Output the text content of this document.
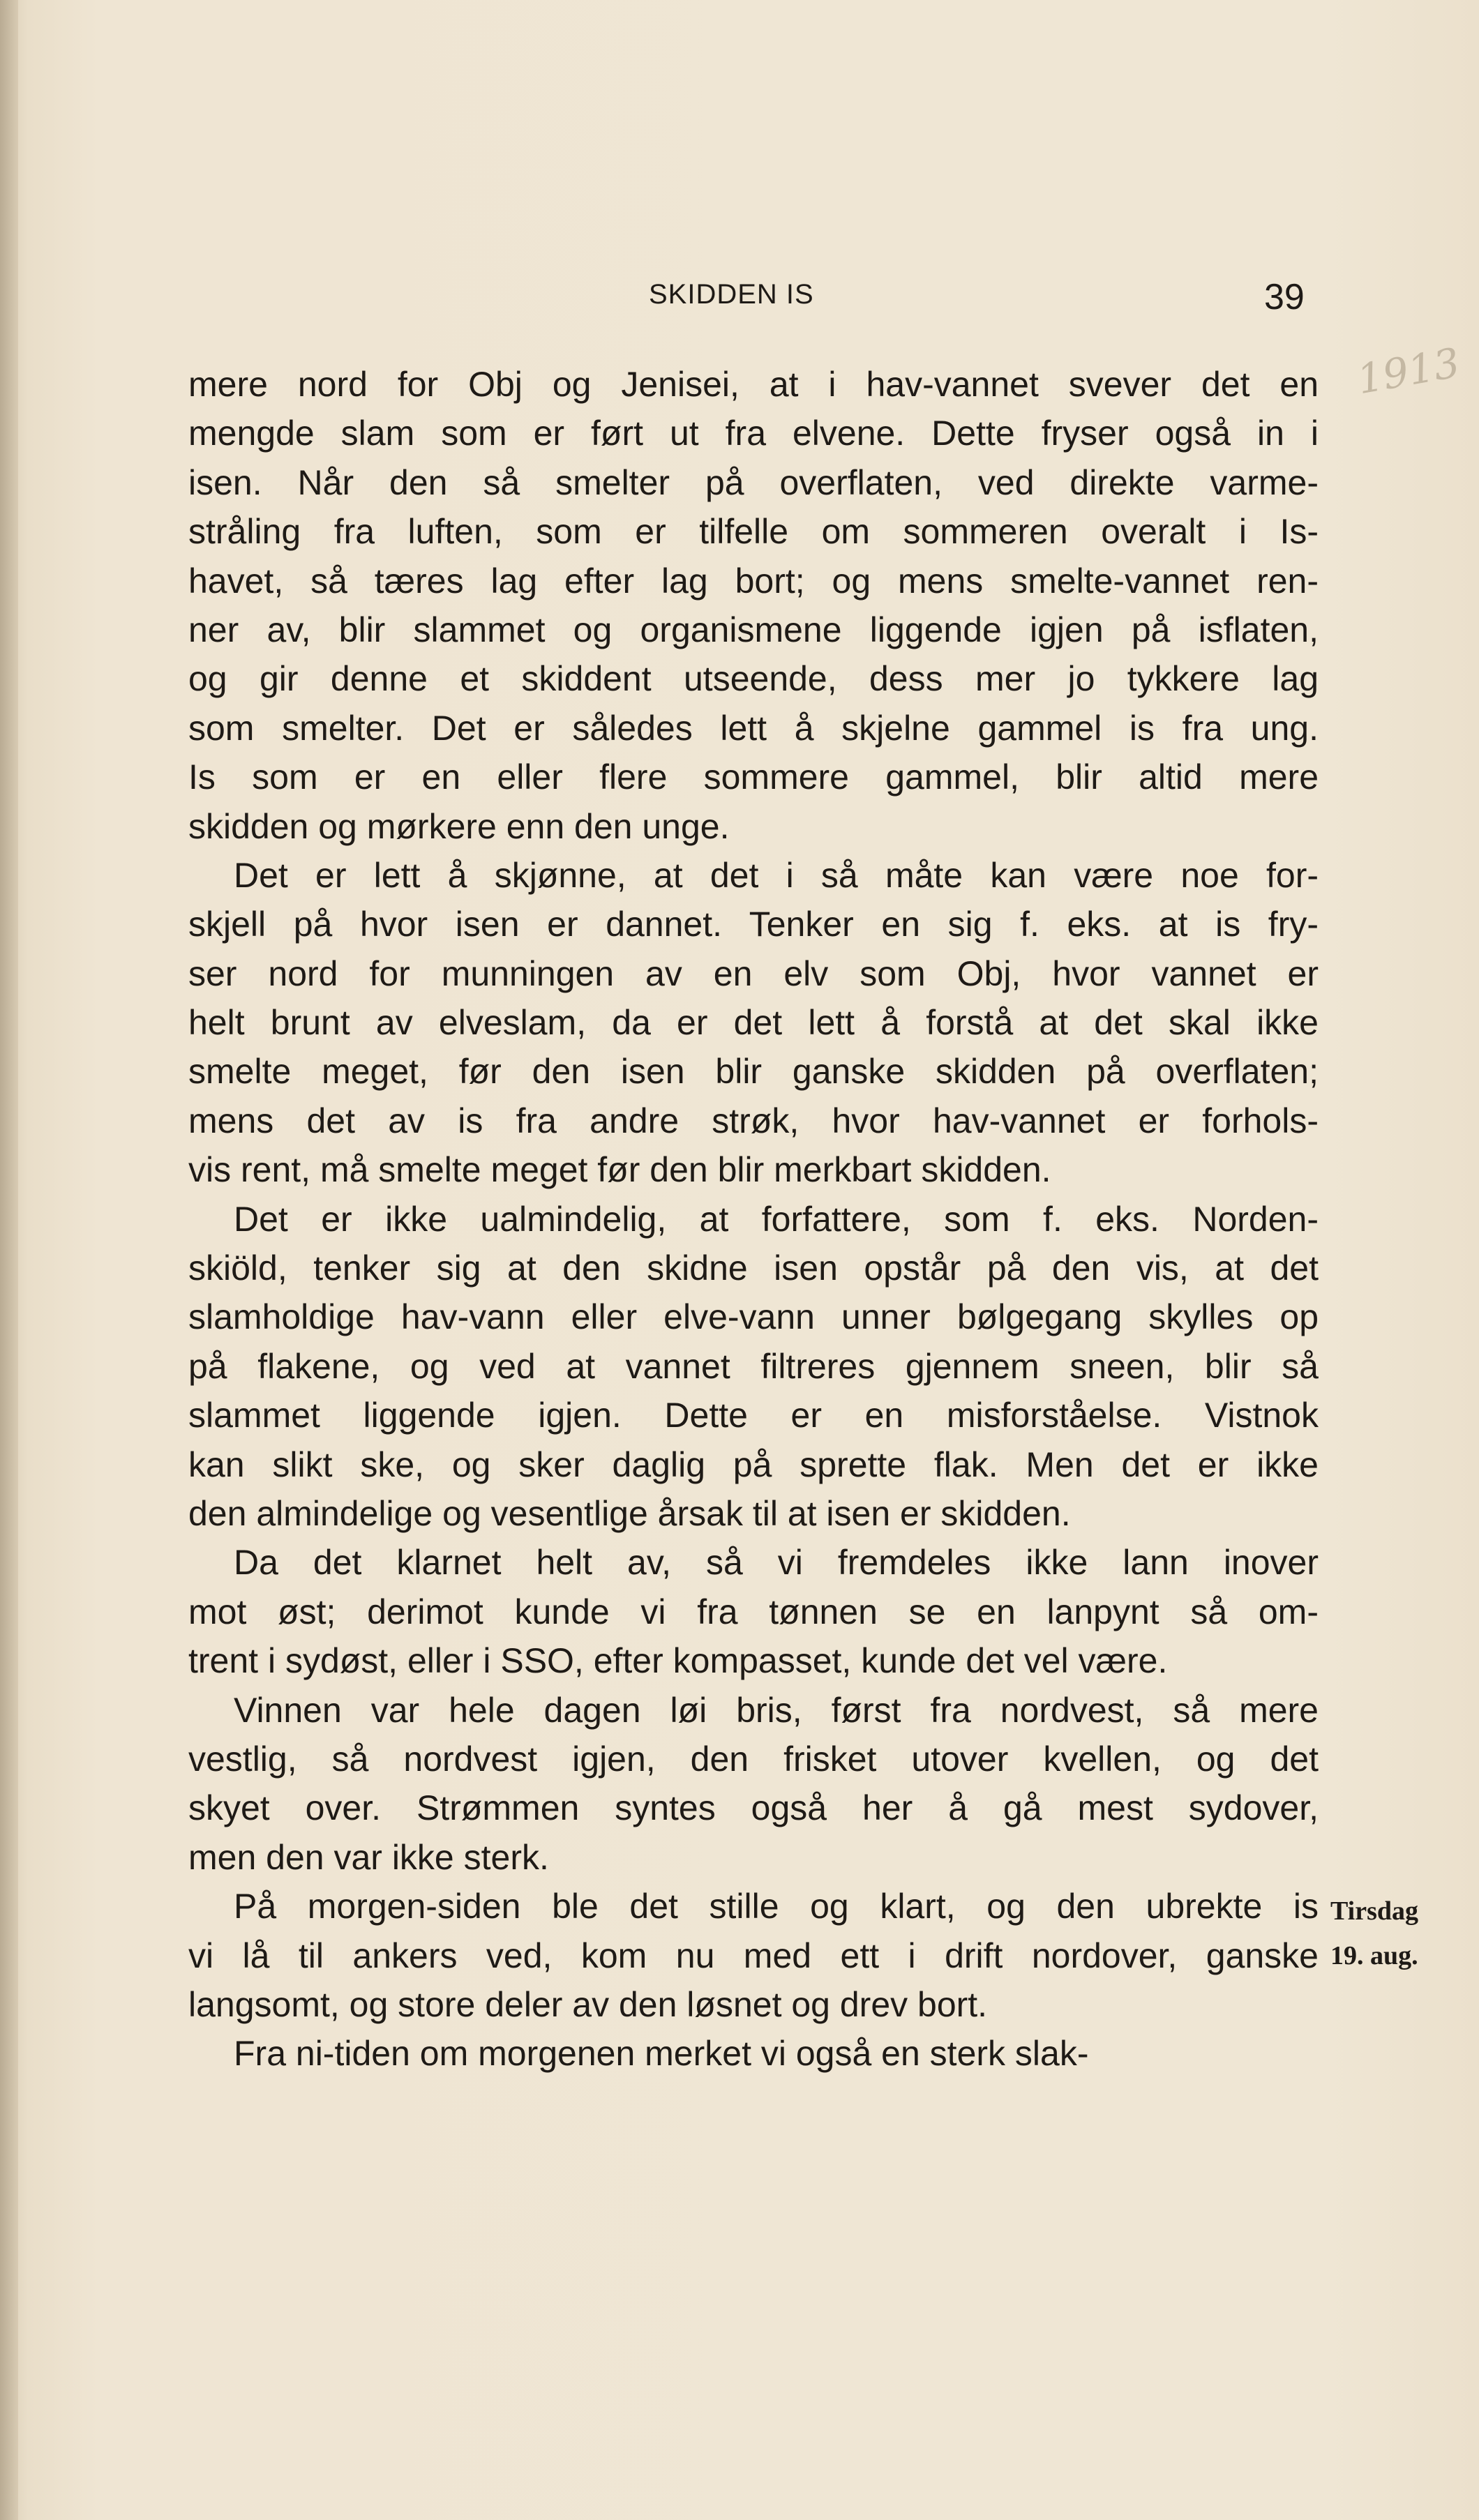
SKIDDEN IS	39
1913
mere nord for Obj og Jenisei, at i hav-vannet svever det en
mengde slam som er ført ut fra elvene. Dette fryser også in i
isen. Når den så smelter på overflaten, ved direkte varme-
stråling fra luften, som er tilfelle om sommeren overalt i Is-
havet, så tæres lag efter lag bort; og mens smelte-vannet ren-
ner av, blir slammet og organismene liggende igjen på isflaten,
og gir denne et skiddent utseende, dess mer jo tykkere lag
som smelter. Det er således lett å skjelne gammel is fra ung.
Is som er en eller flere sommere gammel, blir altid mere
skidden og mørkere enn den unge.
Det er lett å skjønne, at det i så måte kan være noe for-
skjell på hvor isen er dannet. Tenker en sig f. eks. at is fry-
ser nord for munningen av en elv som Obj, hvor vannet er
helt brunt av elveslam, da er det lett å forstå at det skal ikke
smelte meget, før den isen blir ganske skidden på overflaten;
mens det av is fra andre strøk, hvor hav-vannet er forhols-
vis rent, må smelte meget før den blir merkbart skidden.
Det er ikke ualmindelig, at forfattere, som f. eks. Norden-
skiöld, tenker sig at den skidne isen opstår på den vis, at det
slamholdige hav-vann eller elve-vann unner bølgegang skylles op
på flakene, og ved at vannet filtreres gjennem sneen, blir så
slammet liggende igjen. Dette er en misforståelse. Vistnok
kan slikt ske, og sker daglig på sprette flak. Men det er ikke
den almindelige og vesentlige årsak til at isen er skidden.
Da det klarnet helt av, så vi fremdeles ikke lann inover
mot øst; derimot kunde vi fra tønnen se en lanpynt så om-
trent i sydøst, eller i SSO, efter kompasset, kunde det vel være.
Vinnen var hele dagen løi bris, først fra nordvest, så mere
vestlig, så nordvest igjen, den frisket utover kvellen, og det
skyet over. Strømmen syntes også her å gå mest sydover,
men den var ikke sterk.
På morgen-siden ble det stille og klart, og den ubrekte is
vi lå til ankers ved, kom nu med ett i drift nordover, ganske
langsomt, og store deler av den løsnet og drev bort.
Fra ni-tiden om morgenen merket vi også en sterk slak-
Tirsdag
19. aug.
